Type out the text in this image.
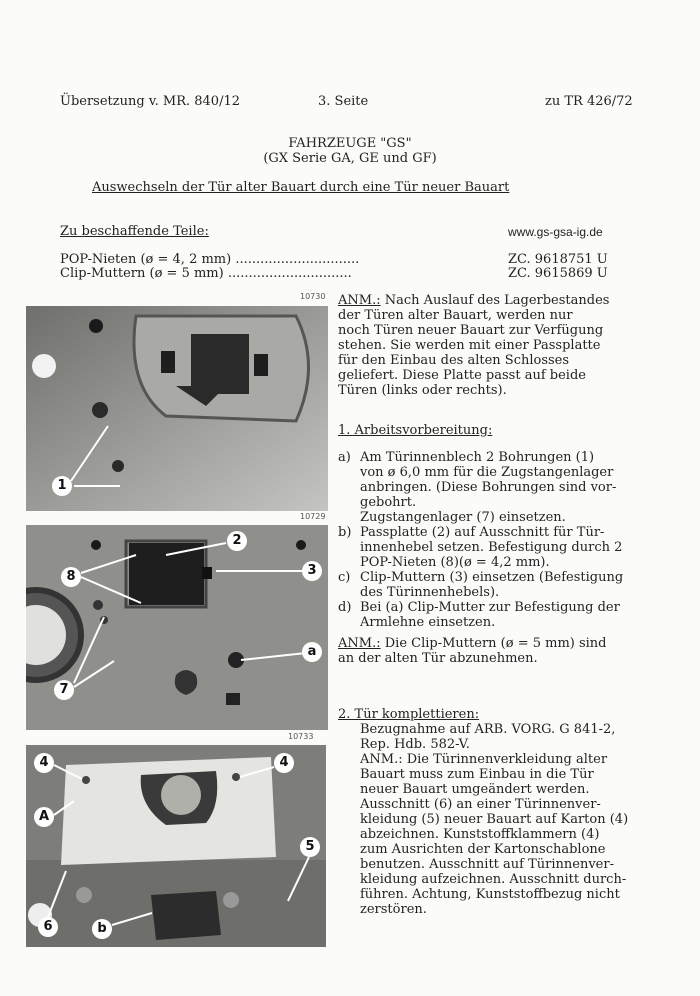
Übersetzung v. MR. 840/12	3. Seite	zu TR 426/72
FAHRZEUGE "GS"
(GX Serie GA, GE und GF)
Auswechseln der Tür alter Bauart durch eine Tür neuer Bauart
Zu beschaffende Teile:	www.gs-gsa-ig.de
POP-Nieten (ø = 4, 2 mm) ..............................	ZC. 9618751 U
Clip-Muttern (ø = 5 mm) ..............................	ZC. 9615869 U
10730
1
10729
2
3
8
7
a
10733
4	4
A
5
6	b
ANM.: Nach Auslauf des Lagerbestandes
der Türen alter Bauart, werden nur
noch Türen neuer Bauart zur Verfügung
stehen. Sie werden mit einer Passplatte
für den Einbau des alten Schlosses
geliefert. Diese Platte passt auf beide
Türen (links oder rechts).
1. Arbeitsvorbereitung:
a) Am Türinnenblech 2 Bohrungen (1)
von ø 6,0 mm für die Zugstangenlager
anbringen. (Diese Bohrungen sind vor-
gebohrt.
Zugstangenlager (7) einsetzen.
b) Passplatte (2) auf Ausschnitt für Tür-
innenhebel setzen. Befestigung durch 2
POP-Nieten (8)(ø = 4,2 mm).
c) Clip-Muttern (3) einsetzen (Befestigung
des Türinnenhebels).
d) Bei (a) Clip-Mutter zur Befestigung der
Armlehne einsetzen.
ANM.: Die Clip-Muttern (ø = 5 mm) sind
an der alten Tür abzunehmen.
2. Tür komplettieren:
Bezugnahme auf ARB. VORG. G 841-2,
Rep. Hdb. 582-V.
ANM.: Die Türinnenverkleidung alter
Bauart muss zum Einbau in die Tür
neuer Bauart umgeändert werden.
Ausschnitt (6) an einer Türinnenver-
kleidung (5) neuer Bauart auf Karton (4)
abzeichnen. Kunststoffklammern (4)
zum Ausrichten der Kartonschablone
benutzen. Ausschnitt auf Türinnenver-
kleidung aufzeichnen. Ausschnitt durch-
führen. Achtung, Kunststoffbezug nicht
zerstören.
